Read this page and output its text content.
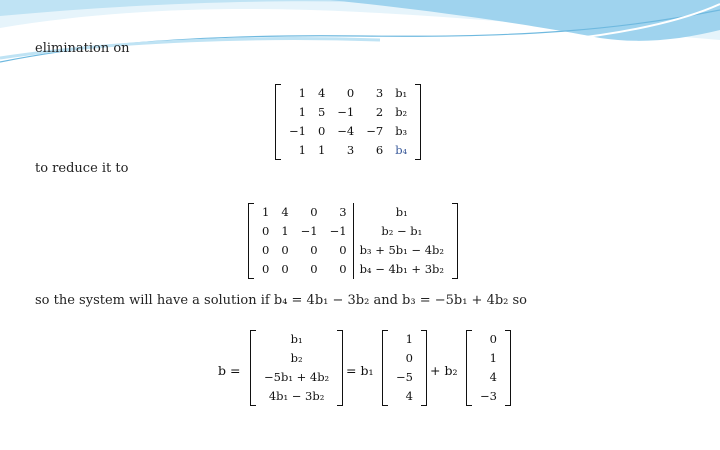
elimination on
1	4	0	3	b₁
1	5	−1	2	b₂
−1	0	−4	−7	b₃
1	1	3	6	b₄
to reduce it to
1	4	0	3	b₁
0	1	−1	−1	b₂ − b₁
0	0	0	0	b₃ + 5b₁ − 4b₂
0	0	0	0	b₄ − 4b₁ + 3b₂
so the system will have a solution if b₄ = 4b₁ − 3b₂ and b₃ = −5b₁ + 4b₂ so
b =
b₁
b₂
−5b₁ + 4b₂
4b₁ − 3b₂
= b₁
1
0
−5
4
+ b₂
0
1
4
−3
